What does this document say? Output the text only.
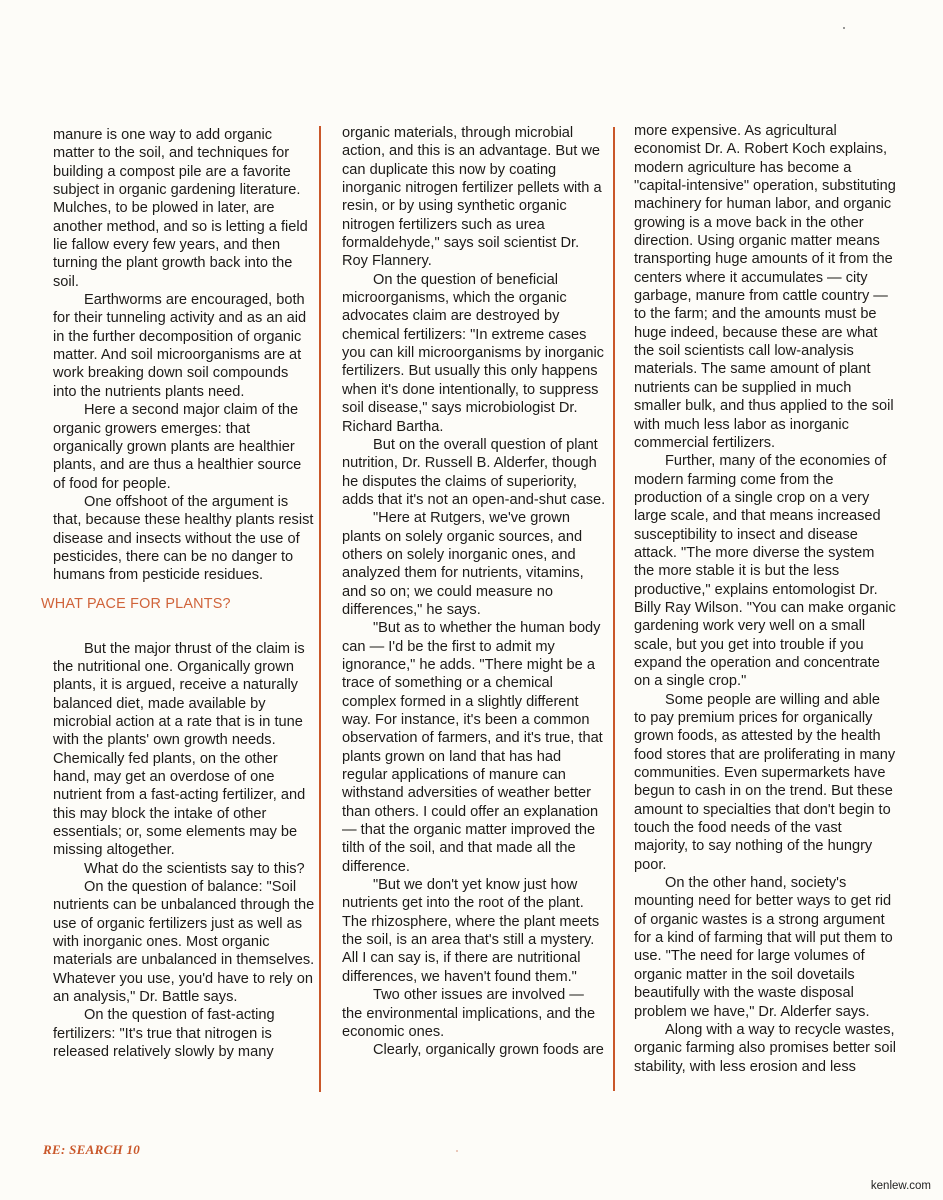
manure is one way to add organic matter to the soil, and techniques for building a compost pile are a favorite subject in organic gardening literature. Mulches, to be plowed in later, are another method, and so is letting a field lie fallow every few years, and then turning the plant growth back into the soil.

Earthworms are encouraged, both for their tunneling activity and as an aid in the further decomposition of organic matter. And soil microorganisms are at work breaking down soil compounds into the nutrients plants need.

Here a second major claim of the organic growers emerges: that organically grown plants are healthier plants, and are thus a healthier source of food for people.

One offshoot of the argument is that, because these healthy plants resist disease and insects without the use of pesticides, there can be no danger to humans from pesticide residues.

WHAT PACE FOR PLANTS?

But the major thrust of the claim is the nutritional one. Organically grown plants, it is argued, receive a naturally balanced diet, made available by microbial action at a rate that is in tune with the plants' own growth needs. Chemically fed plants, on the other hand, may get an overdose of one nutrient from a fast-acting fertilizer, and this may block the intake of other essentials; or, some elements may be missing altogether.

What do the scientists say to this?

On the question of balance: "Soil nutrients can be unbalanced through the use of organic fertilizers just as well as with inorganic ones. Most organic materials are unbalanced in themselves. Whatever you use, you'd have to rely on an analysis," Dr. Battle says.

On the question of fast-acting fertilizers: "It's true that nitrogen is released relatively slowly by many

organic materials, through microbial action, and this is an advantage. But we can duplicate this now by coating inorganic nitrogen fertilizer pellets with a resin, or by using synthetic organic nitrogen fertilizers such as urea formaldehyde," says soil scientist Dr. Roy Flannery.

On the question of beneficial microorganisms, which the organic advocates claim are destroyed by chemical fertilizers: "In extreme cases you can kill microorganisms by inorganic fertilizers. But usually this only happens when it's done intentionally, to suppress soil disease," says microbiologist Dr. Richard Bartha.

But on the overall question of plant nutrition, Dr. Russell B. Alderfer, though he disputes the claims of superiority, adds that it's not an open-and-shut case.

"Here at Rutgers, we've grown plants on solely organic sources, and others on solely inorganic ones, and analyzed them for nutrients, vitamins, and so on; we could measure no differences," he says.

"But as to whether the human body can — I'd be the first to admit my ignorance," he adds. "There might be a trace of something or a chemical complex formed in a slightly different way. For instance, it's been a common observation of farmers, and it's true, that plants grown on land that has had regular applications of manure can withstand adversities of weather better than others. I could offer an explanation — that the organic matter improved the tilth of the soil, and that made all the difference.

"But we don't yet know just how nutrients get into the root of the plant. The rhizosphere, where the plant meets the soil, is an area that's still a mystery. All I can say is, if there are nutritional differences, we haven't found them."

Two other issues are involved — the environmental implications, and the economic ones.

Clearly, organically grown foods are

more expensive. As agricultural economist Dr. A. Robert Koch explains, modern agriculture has become a "capital-intensive" operation, substituting machinery for human labor, and organic growing is a move back in the other direction. Using organic matter means transporting huge amounts of it from the centers where it accumulates — city garbage, manure from cattle country — to the farm; and the amounts must be huge indeed, because these are what the soil scientists call low-analysis materials. The same amount of plant nutrients can be supplied in much smaller bulk, and thus applied to the soil with much less labor as inorganic commercial fertilizers.

Further, many of the economies of modern farming come from the production of a single crop on a very large scale, and that means increased susceptibility to insect and disease attack. "The more diverse the system the more stable it is but the less productive," explains entomologist Dr. Billy Ray Wilson. "You can make organic gardening work very well on a small scale, but you get into trouble if you expand the operation and concentrate on a single crop."

Some people are willing and able to pay premium prices for organically grown foods, as attested by the health food stores that are proliferating in many communities. Even supermarkets have begun to cash in on the trend. But these amount to specialties that don't begin to touch the food needs of the vast majority, to say nothing of the hungry poor.

On the other hand, society's mounting need for better ways to get rid of organic wastes is a strong argument for a kind of farming that will put them to use. "The need for large volumes of organic matter in the soil dovetails beautifully with the waste disposal problem we have," Dr. Alderfer says.

Along with a way to recycle wastes, organic farming also promises better soil stability, with less erosion and less

RE: SEARCH 10
kenlew.com
